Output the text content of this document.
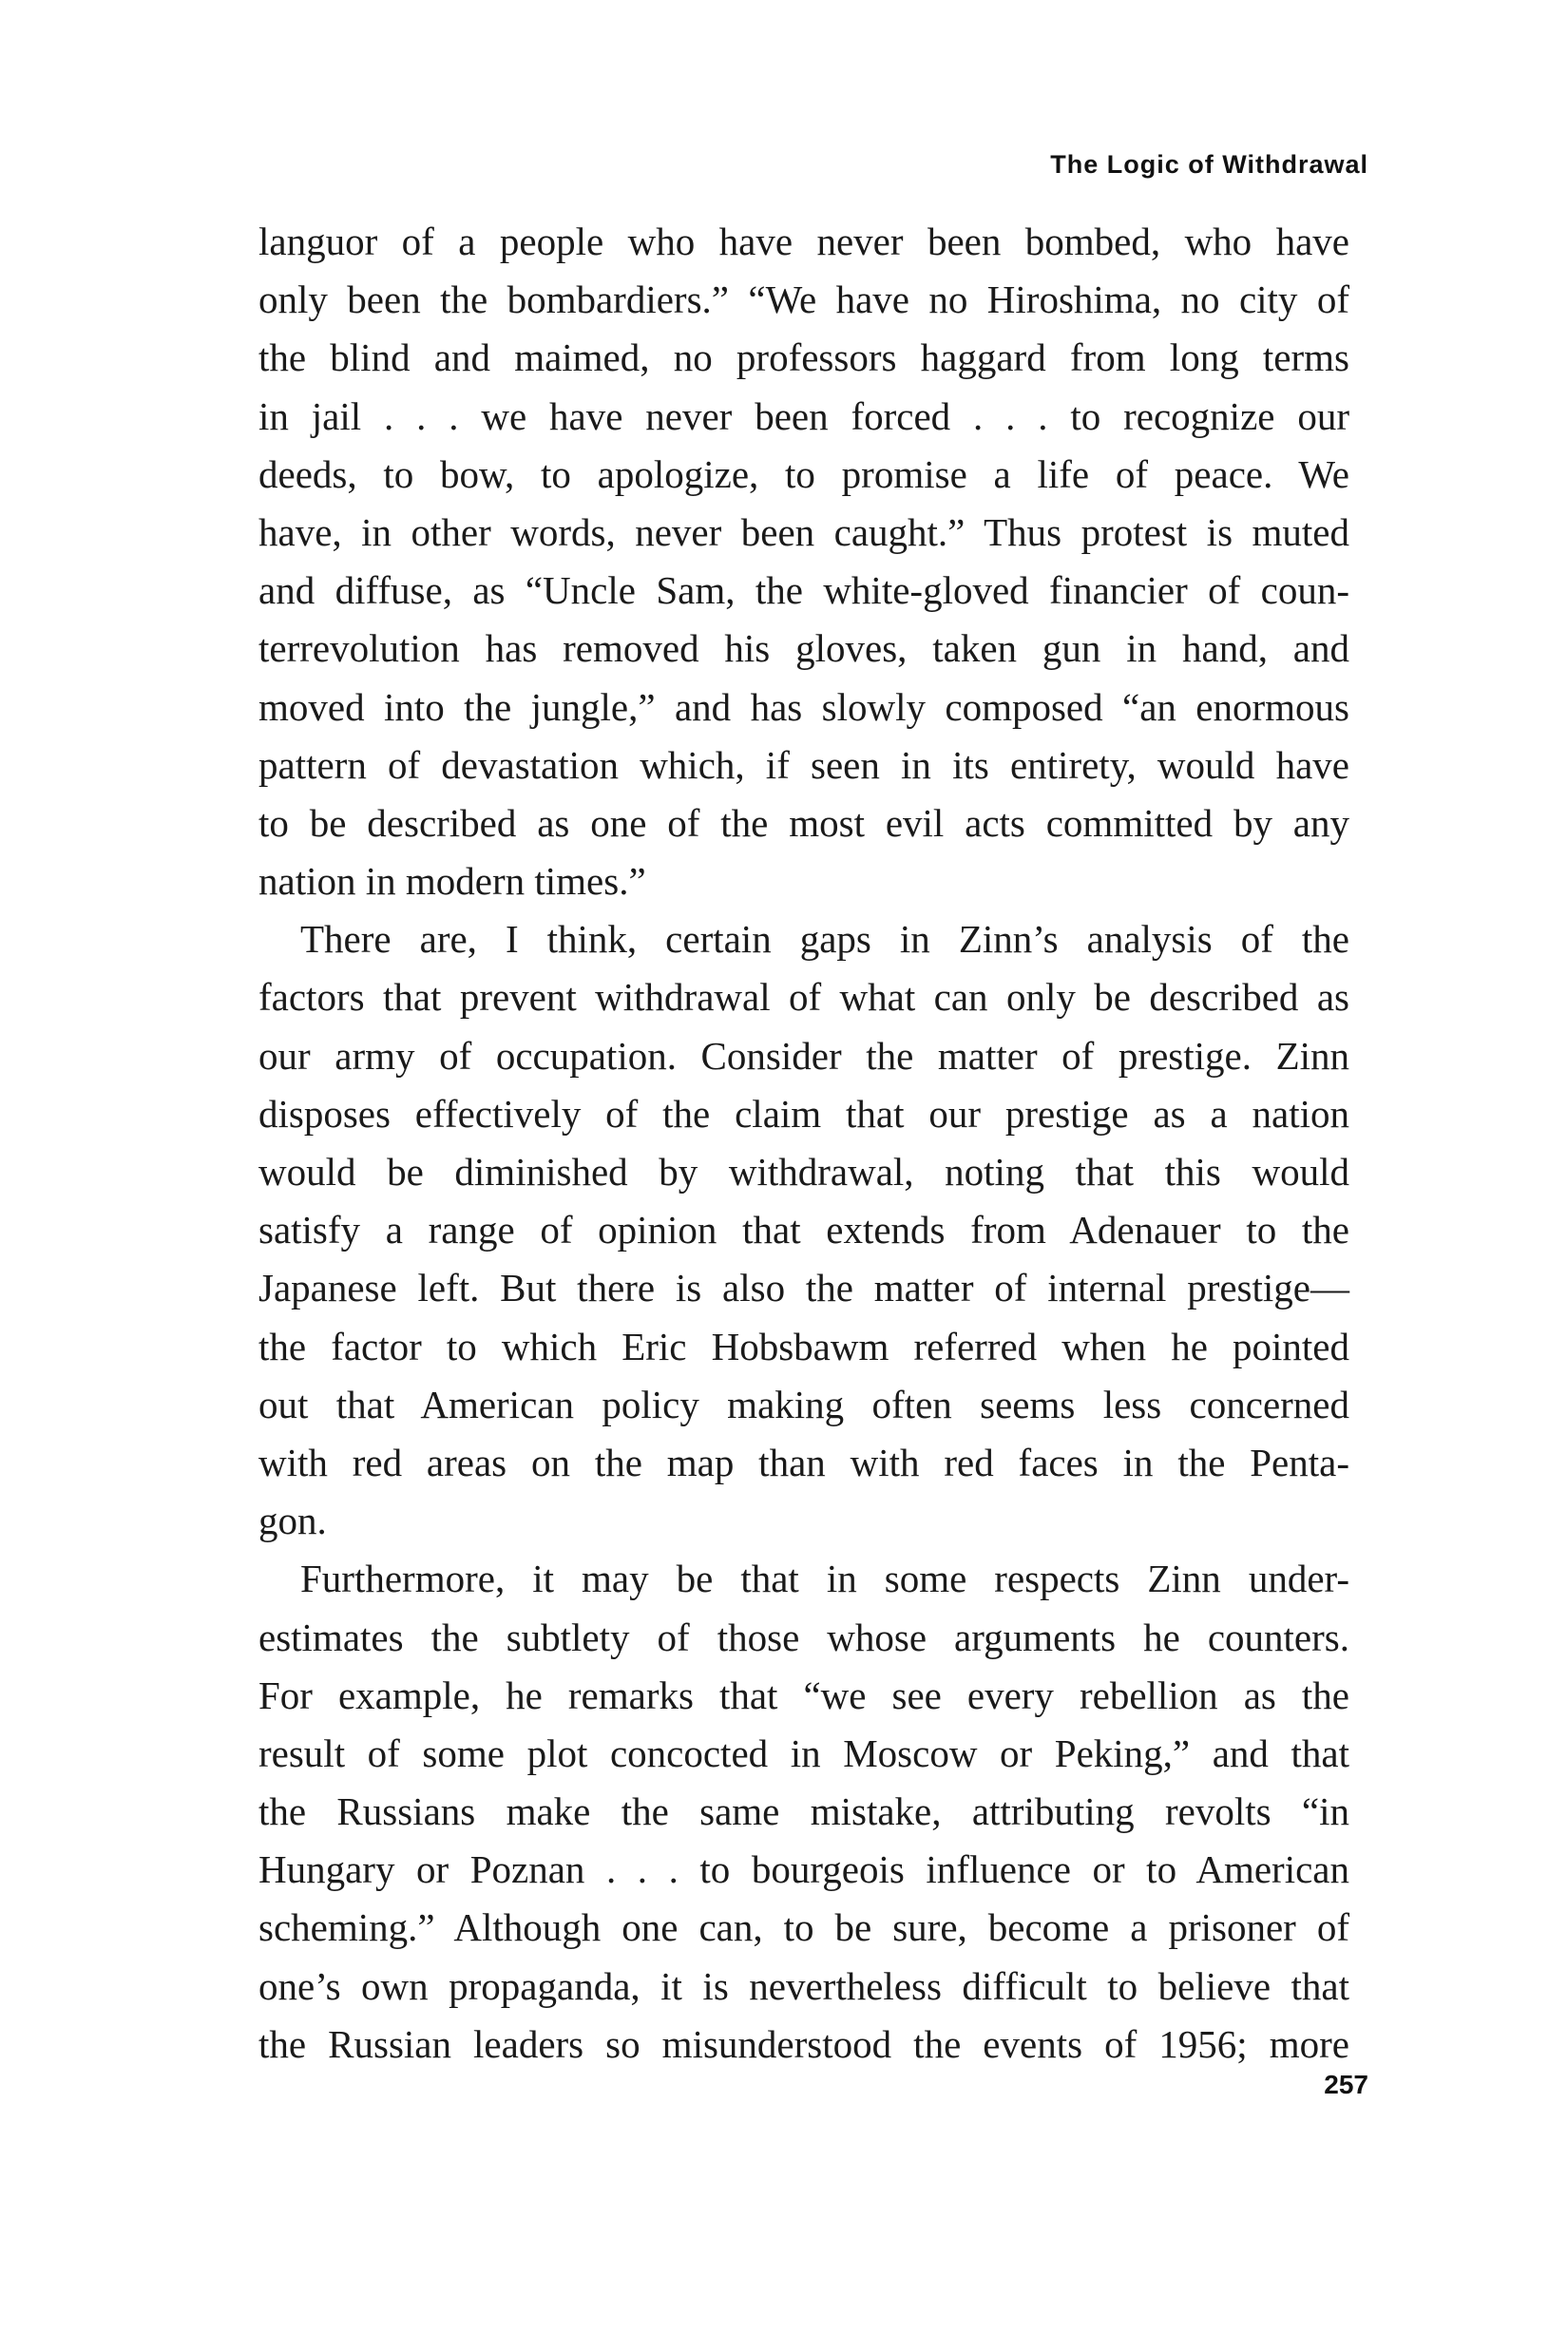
The Logic of Withdrawal
languor of a people who have never been bombed, who have
only been the bombardiers.” “We have no Hiroshima, no city of
the blind and maimed, no professors haggard from long terms
in jail . . . we have never been forced . . . to recognize our
deeds, to bow, to apologize, to promise a life of peace. We
have, in other words, never been caught.” Thus protest is muted
and diffuse, as “Uncle Sam, the white-gloved financier of coun-
terrevolution has removed his gloves, taken gun in hand, and
moved into the jungle,” and has slowly composed “an enormous
pattern of devastation which, if seen in its entirety, would have
to be described as one of the most evil acts committed by any
nation in modern times.”
There are, I think, certain gaps in Zinn’s analysis of the
factors that prevent withdrawal of what can only be described as
our army of occupation. Consider the matter of prestige. Zinn
disposes effectively of the claim that our prestige as a nation
would be diminished by withdrawal, noting that this would
satisfy a range of opinion that extends from Adenauer to the
Japanese left. But there is also the matter of internal prestige—
the factor to which Eric Hobsbawm referred when he pointed
out that American policy making often seems less concerned
with red areas on the map than with red faces in the Penta-
gon.
Furthermore, it may be that in some respects Zinn under-
estimates the subtlety of those whose arguments he counters.
For example, he remarks that “we see every rebellion as the
result of some plot concocted in Moscow or Peking,” and that
the Russians make the same mistake, attributing revolts “in
Hungary or Poznan . . . to bourgeois influence or to American
scheming.” Although one can, to be sure, become a prisoner of
one’s own propaganda, it is nevertheless difficult to believe that
the Russian leaders so misunderstood the events of 1956; more
257
